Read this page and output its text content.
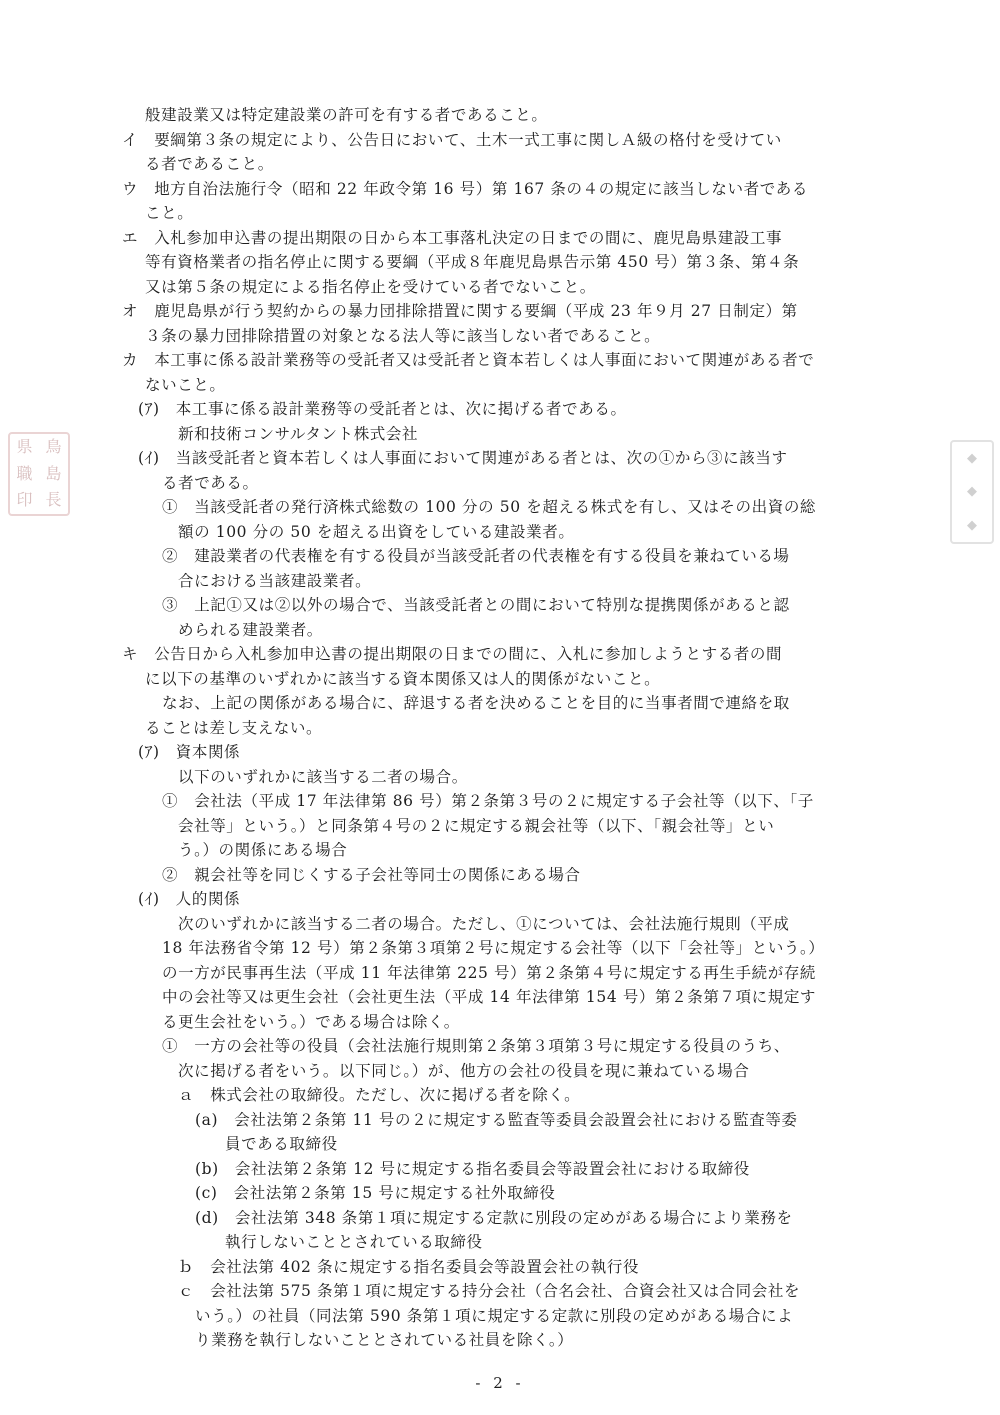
般建設業又は特定建設業の許可を有する者であること。
イ　要綱第３条の規定により、公告日において、土木一式工事に関しＡ級の格付を受けてい
る者であること。
ウ　地方自治法施行令（昭和 22 年政令第 16 号）第 167 条の４の規定に該当しない者である
こと。
エ　入札参加申込書の提出期限の日から本工事落札決定の日までの間に、鹿児島県建設工事
等有資格業者の指名停止に関する要綱（平成８年鹿児島県告示第 450 号）第３条、第４条
又は第５条の規定による指名停止を受けている者でないこと。
オ　鹿児島県が行う契約からの暴力団排除措置に関する要綱（平成 23 年９月 27 日制定）第
３条の暴力団排除措置の対象となる法人等に該当しない者であること。
カ　本工事に係る設計業務等の受託者又は受託者と資本若しくは人事面において関連がある者で
ないこと。
(ｱ)　本工事に係る設計業務等の受託者とは、次に掲げる者である。
新和技術コンサルタント株式会社
(ｲ)　当該受託者と資本若しくは人事面において関連がある者とは、次の①から③に該当す
る者である。
①　当該受託者の発行済株式総数の 100 分の 50 を超える株式を有し、又はその出資の総
額の 100 分の 50 を超える出資をしている建設業者。
②　建設業者の代表権を有する役員が当該受託者の代表権を有する役員を兼ねている場
合における当該建設業者。
③　上記①又は②以外の場合で、当該受託者との間において特別な提携関係があると認
められる建設業者。
キ　公告日から入札参加申込書の提出期限の日までの間に、入札に参加しようとする者の間
に以下の基準のいずれかに該当する資本関係又は人的関係がないこと。
なお、上記の関係がある場合に、辞退する者を決めることを目的に当事者間で連絡を取
ることは差し支えない。
(ｱ)　資本関係
以下のいずれかに該当する二者の場合。
①　会社法（平成 17 年法律第 86 号）第２条第３号の２に規定する子会社等（以下、「子
会社等」という。）と同条第４号の２に規定する親会社等（以下、「親会社等」とい
う。）の関係にある場合
②　親会社等を同じくする子会社等同士の関係にある場合
(ｲ)　人的関係
次のいずれかに該当する二者の場合。ただし、①については、会社法施行規則（平成
18 年法務省令第 12 号）第２条第３項第２号に規定する会社等（以下「会社等」という。）
の一方が民事再生法（平成 11 年法律第 225 号）第２条第４号に規定する再生手続が存続
中の会社等又は更生会社（会社更生法（平成 14 年法律第 154 号）第２条第７項に規定す
る更生会社をいう。）である場合は除く。
①　一方の会社等の役員（会社法施行規則第２条第３項第３号に規定する役員のうち、
次に掲げる者をいう。以下同じ。）が、他方の会社の役員を現に兼ねている場合
ａ　株式会社の取締役。ただし、次に掲げる者を除く。
(a)　会社法第２条第 11 号の２に規定する監査等委員会設置会社における監査等委
員である取締役
(b)　会社法第２条第 12 号に規定する指名委員会等設置会社における取締役
(c)　会社法第２条第 15 号に規定する社外取締役
(d)　会社法第 348 条第１項に規定する定款に別段の定めがある場合により業務を
執行しないこととされている取締役
ｂ　会社法第 402 条に規定する指名委員会等設置会社の執行役
ｃ　会社法第 575 条第１項に規定する持分会社（合名会社、合資会社又は合同会社を
いう。）の社員（同法第 590 条第１項に規定する定款に別段の定めがある場合によ
り業務を執行しないこととされている社員を除く。）
県 鳥
職 島
印 長
◆
◆
◆
- 2 -
